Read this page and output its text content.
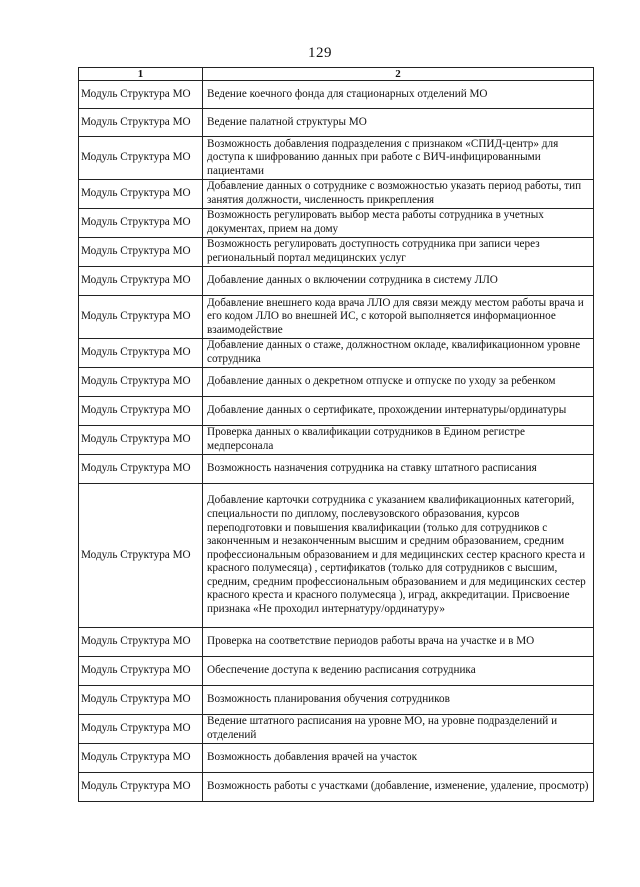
129
1	2
Модуль Структура МО	Ведение коечного фонда для стационарных отделений МО
Модуль Структура МО	Ведение палатной структуры МО
Модуль Структура МО	Возможность добавления подразделения с признаком «СПИД-центр» для доступа к шифрованию данных при работе с ВИЧ-инфицированными пациентами
Модуль Структура МО	Добавление данных о сотруднике с возможностью указать период работы, тип занятия должности, численность прикрепления
Модуль Структура МО	Возможность регулировать выбор места работы сотрудника в учетных документах, прием на дому
Модуль Структура МО	Возможность регулировать доступность сотрудника при записи через региональный портал медицинских услуг
Модуль Структура МО	Добавление данных о включении сотрудника в систему ЛЛО
Модуль Структура МО	Добавление внешнего кода врача ЛЛО для связи между местом работы врача и его кодом ЛЛО во внешней ИС, с которой выполняется информационное взаимодействие
Модуль Структура МО	Добавление данных о стаже, должностном окладе, квалификационном уровне сотрудника
Модуль Структура МО	Добавление данных о декретном отпуске и отпуске по уходу за ребенком
Модуль Структура МО	Добавление данных о сертификате, прохождении интернатуры/ординатуры
Модуль Структура МО	Проверка данных о квалификации сотрудников в Едином регистре медперсонала
Модуль Структура МО	Возможность назначения сотрудника на ставку штатного расписания
Модуль Структура МО	Добавление карточки сотрудника с указанием квалификационных категорий, специальности по диплому, послевузовского образования, курсов переподготовки и повышения квалификации (только для сотрудников с законченным и незаконченным высшим и средним образованием, средним профессиональным образованием и для медицинских сестер красного креста и красного полумесяца) , сертификатов (только для сотрудников с высшим, средним, средним профессиональным образованием и для медицинских сестер красного креста и красного полумесяца ), иград, аккредитации. Присвоение признака «Не проходил интернатуру/ординатуру»
Модуль Структура МО	Проверка на соответствие периодов работы врача на участке и в МО
Модуль Структура МО	Обеспечение доступа к ведению расписания сотрудника
Модуль Структура МО	Возможность планирования обучения сотрудников
Модуль Структура МО	Ведение штатного расписания на уровне МО, на уровне подразделений и отделений
Модуль Структура МО	Возможность добавления врачей на участок
Модуль Структура МО	Возможность работы с участками (добавление, изменение, удаление, просмотр)
